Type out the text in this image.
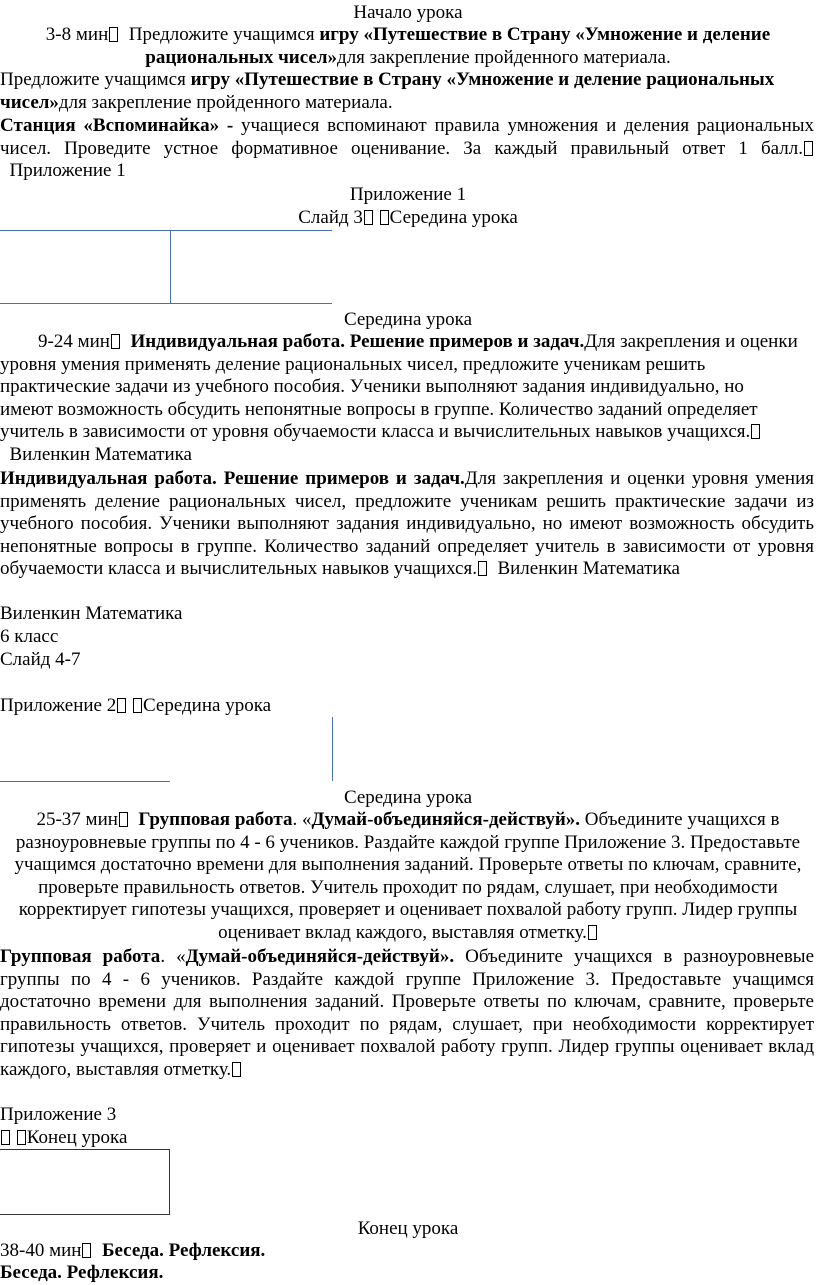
Начало урока

3-8 мин Предложите учащимся игру «Путешествие в Страну «Умножение и деление
рациональных чисел»для закрепление пройденного материала.

Предложите учащимся игру «Путешествие в Страну «Умножение и деление рациональных
чисел»для закрепление пройденного материала.

Станция «Вспоминайка» - учащиеся вспоминают правила умножения и деления рациональных чисел. Проведите устное формативное оценивание. За каждый правильный ответ 1 балл.  Приложение 1

Приложение 1

Слайд 3 Середина урока

Середина урока

9-24 мин Индивидуальная работа. Решение примеров и задач.Для закрепления и оценки уровня умения применять деление рациональных чисел, предложите ученикам решить практические задачи из учебного пособия. Ученики выполняют задания индивидуально, но имеют возможность обсудить непонятные вопросы в группе. Количество заданий определяет учитель в зависимости от уровня обучаемости класса и вычислительных навыков учащихся.  Виленкин Математика

Индивидуальная работа. Решение примеров и задач.Для закрепления и оценки уровня умения применять деление рациональных чисел, предложите ученикам решить практические задачи из учебного пособия. Ученики выполняют задания индивидуально, но имеют возможность обсудить непонятные вопросы в группе. Количество заданий определяет учитель в зависимости от уровня обучаемости класса и вычислительных навыков учащихся. Виленкин Математика

Виленкин Математика

6 класс

Слайд 4-7

Приложение 2 Середина урока

Середина урока

25-37 мин Групповая работа. «Думай-объединяйся-действуй». Объедините учащихся в разноуровневые группы по 4 - 6 учеников. Раздайте каждой группе Приложение 3. Предоставьте учащимся достаточно времени для выполнения заданий. Проверьте ответы по ключам, сравните, проверьте правильность ответов. Учитель проходит по рядам, слушает, при необходимости корректирует гипотезы учащихся, проверяет и оценивает похвалой работу групп. Лидер группы оценивает вклад каждого, выставляя отметку.

Групповая работа. «Думай-объединяйся-действуй». Объедините учащихся в разноуровневые группы по 4 - 6 учеников. Раздайте каждой группе Приложение 3. Предоставьте учащимся достаточно времени для выполнения заданий. Проверьте ответы по ключам, сравните, проверьте правильность ответов. Учитель проходит по рядам, слушает, при необходимости корректирует гипотезы учащихся, проверяет и оценивает похвалой работу групп. Лидер группы оценивает вклад каждого, выставляя отметку.

Приложение 3

Конец урока

Конец урока

38-40 мин Беседа. Рефлексия.

Беседа. Рефлексия.
